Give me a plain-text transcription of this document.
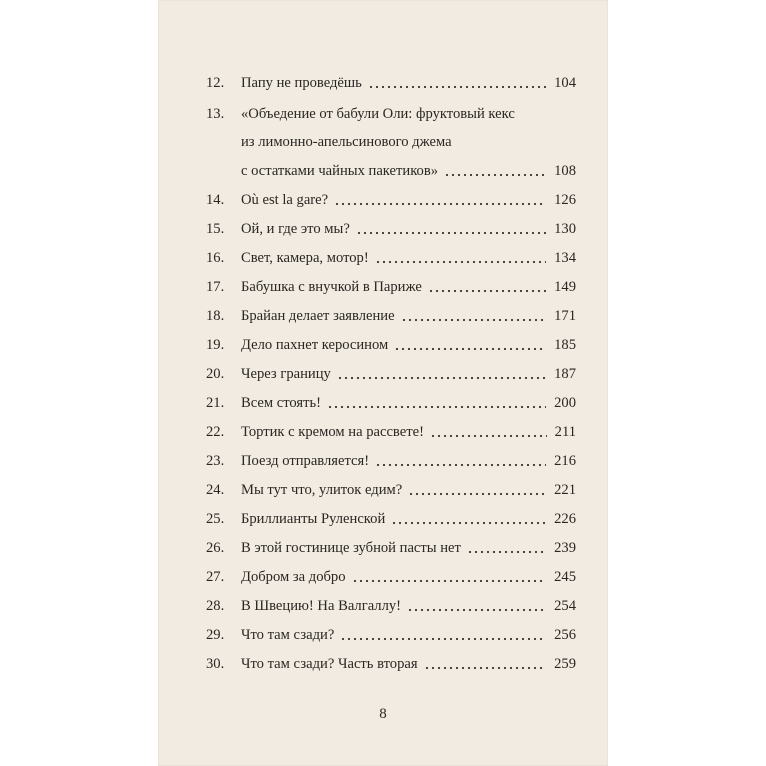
12.	Папу не проведёшь	104
13.	«Объедение от бабули Оли: фруктовый кекс
из лимонно-апельсинового джема
с остатками чайных пакетиков»	108
14.	Où est la gare?	126
15.	Ой, и где это мы?	130
16.	Свет, камера, мотор!	134
17.	Бабушка с внучкой в Париже	149
18.	Брайан делает заявление	171
19.	Дело пахнет керосином	185
20.	Через границу	187
21.	Всем стоять!	200
22.	Тортик с кремом на рассвете!	211
23.	Поезд отправляется!	216
24.	Мы тут что, улиток едим?	221
25.	Бриллианты Руленской	226
26.	В этой гостинице зубной пасты нет	239
27.	Добром за добро	245
28.	В Швецию! На Валгаллу!	254
29.	Что там сзади?	256
30.	Что там сзади? Часть вторая	259
8
